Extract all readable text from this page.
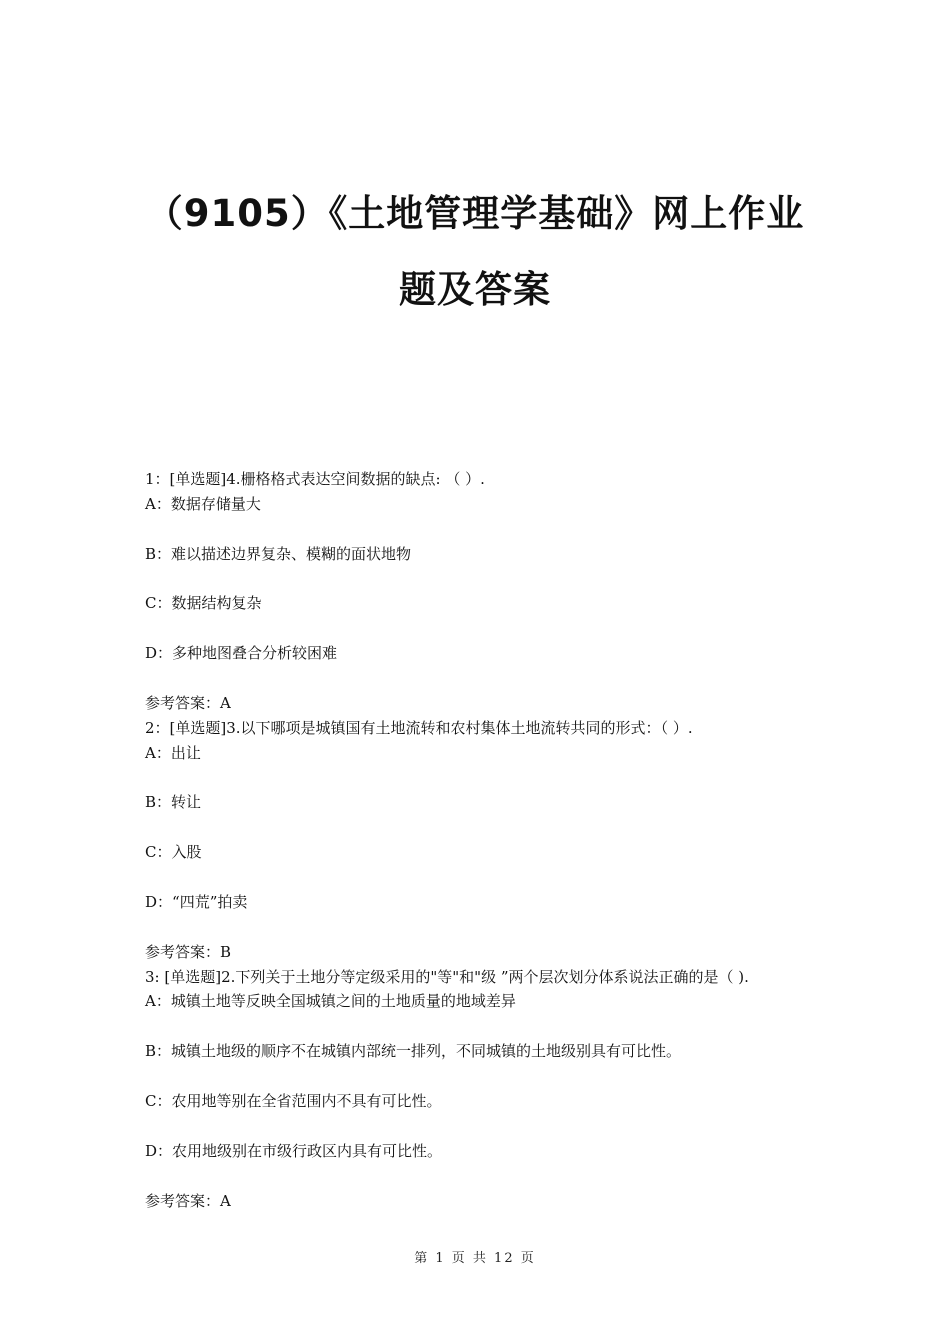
（9105）《土地管理学基础》网上作业
题及答案
1：[单选题]4.栅格格式表达空间数据的缺点: （ ）.
A：数据存储量大
B：难以描述边界复杂、模糊的面状地物
C：数据结构复杂
D：多种地图叠合分析较困难
参考答案：A
2：[单选题]3.以下哪项是城镇国有土地流转和农村集体土地流转共同的形式：（ ）.
A：出让
B：转让
C：入股
D：“四荒”拍卖
参考答案：B
3: [单选题]2.下列关于土地分等定级采用的"等"和"级 ”两个层次划分体系说法正确的是（ ).
A：城镇土地等反映全国城镇之间的土地质量的地域差异
B：城镇土地级的顺序不在城镇内部统一排列，不同城镇的土地级别具有可比性。
C：农用地等别在全省范围内不具有可比性。
D：农用地级别在市级行政区内具有可比性。
参考答案：A
第 1 页 共 12 页
